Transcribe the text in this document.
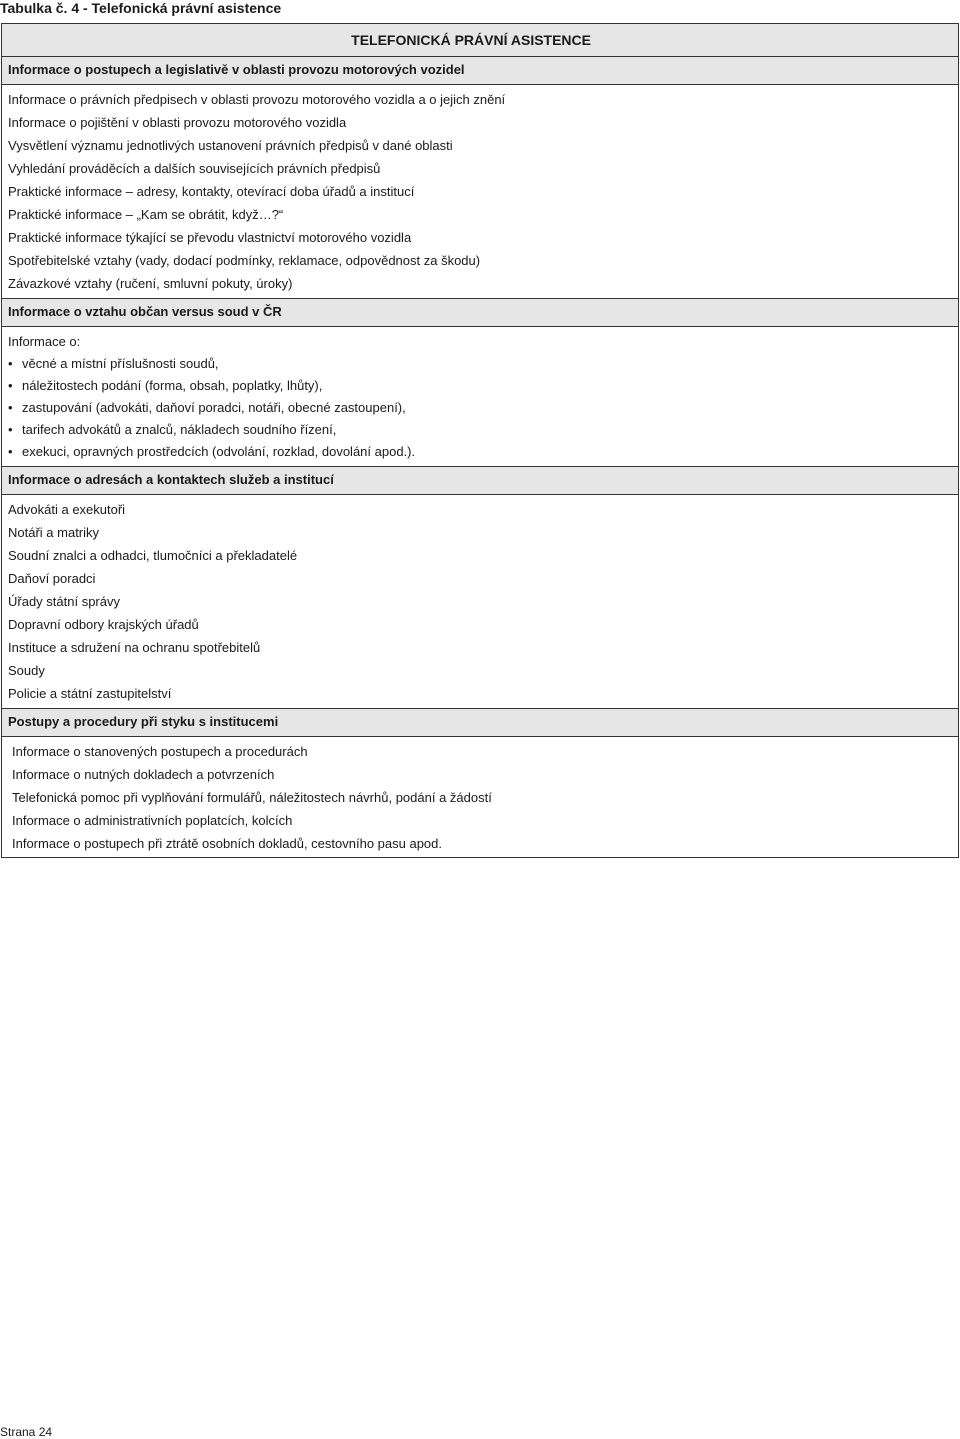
Tabulka č. 4 - Telefonická právní asistence
TELEFONICKÁ PRÁVNÍ ASISTENCE
Informace o postupech a legislativě v oblasti provozu motorových vozidel
Informace o právních předpisech v oblasti provozu motorového vozidla a o jejich znění
Informace o pojištění v oblasti provozu motorového vozidla
Vysvětlení významu jednotlivých ustanovení právních předpisů v dané oblasti
Vyhledání prováděcích a dalších souvisejících právních předpisů
Praktické informace – adresy, kontakty, otevírací doba úřadů a institucí
Praktické informace – „Kam se obrátit, když…?“
Praktické informace týkající se převodu vlastnictví motorového vozidla
Spotřebitelské vztahy (vady, dodací podmínky, reklamace, odpovědnost za škodu)
Závazkové vztahy (ručení, smluvní pokuty, úroky)
Informace o vztahu občan versus soud v ČR
Informace o:
• věcné a místní příslušnosti soudů,
• náležitostech podání (forma, obsah, poplatky, lhůty),
• zastupování (advokáti, daňoví poradci, notáři, obecné zastoupení),
• tarifech advokátů a znalců, nákladech soudního řízení,
• exekuci, opravných prostředcích (odvolání, rozklad, dovolání apod.).
Informace o adresách a kontaktech služeb a institucí
Advokáti a exekutoři
Notáři a matriky
Soudní znalci a odhadci, tlumočníci a překladatelé
Daňoví poradci
Úřady státní správy
Dopravní odbory krajských úřadů
Instituce a sdružení na ochranu spotřebitelů
Soudy
Policie a státní zastupitelství
Postupy a procedury při styku s institucemi
Informace o stanovených postupech a procedurách
Informace o nutných dokladech a potvrzeních
Telefonická pomoc při vyplňování formulářů, náležitostech návrhů, podání a žádostí
Informace o administrativních poplatcích, kolcích
Informace o postupech při ztrátě osobních dokladů, cestovního pasu apod.
Strana 24
